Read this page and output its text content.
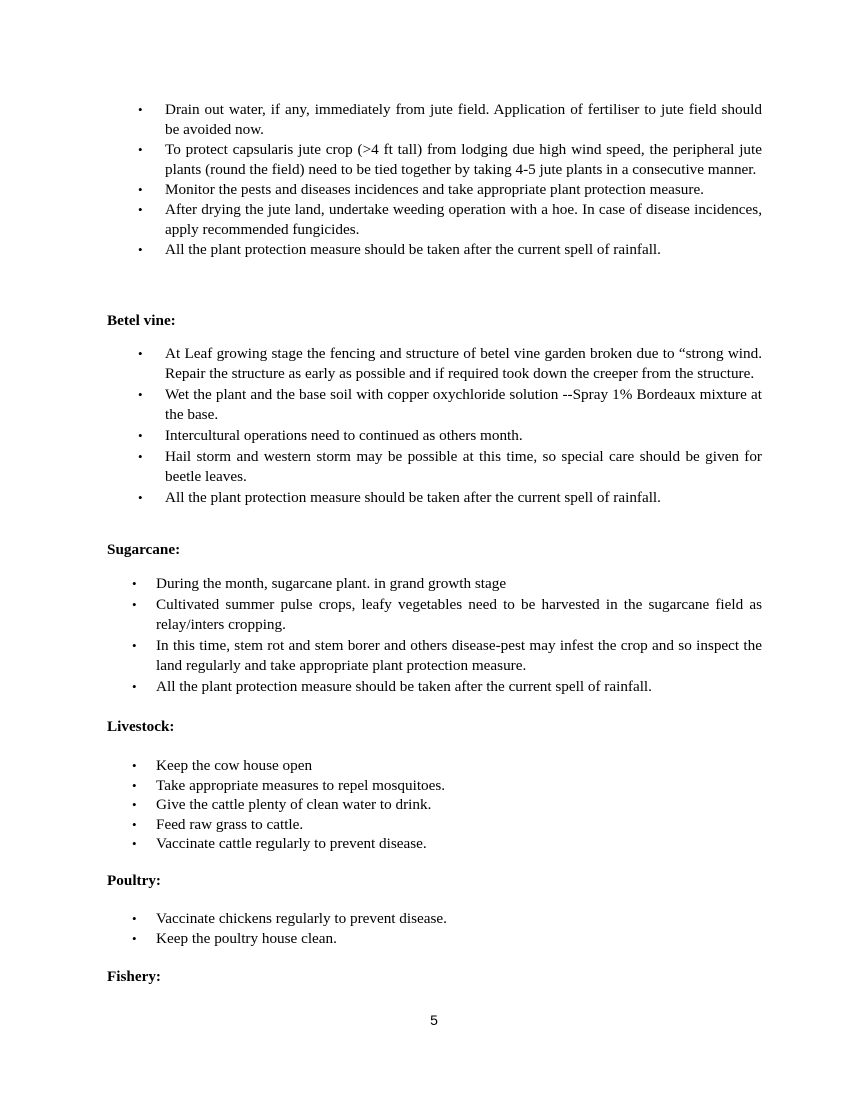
• Drain out water, if any, immediately from jute field. Application of fertiliser to jute field should be avoided now.
• To protect capsularis jute crop (>4 ft tall) from lodging due high wind speed, the peripheral jute plants (round the field) need to be tied together by taking 4-5 jute plants in a consecutive manner.
• Monitor the pests and diseases incidences and take appropriate plant protection measure.
• After drying the jute land, undertake weeding operation with a hoe. In case of disease incidences, apply recommended fungicides.
• All the plant protection measure should be taken after the current spell of rainfall.
Betel vine:
• At Leaf growing stage the fencing and structure of betel vine garden broken due to “strong wind. Repair the structure as early as possible and if required took down the creeper from the structure.
• Wet the plant and the base soil with copper oxychloride solution --Spray 1% Bordeaux mixture at the base.
• Intercultural operations need to continued as others month.
• Hail storm and western storm may be possible at this time, so special care should be given for beetle leaves.
• All the plant protection measure should be taken after the current spell of rainfall.
Sugarcane:
• During the month, sugarcane plant. in grand growth stage
• Cultivated summer pulse crops, leafy vegetables need to be harvested in the sugarcane field as relay/inters cropping.
• In this time, stem rot and stem borer and others disease-pest may infest the crop and so inspect the land regularly and take appropriate plant protection measure.
• All the plant protection measure should be taken after the current spell of rainfall.
Livestock:
• Keep the cow house open
• Take appropriate measures to repel mosquitoes.
• Give the cattle plenty of clean water to drink.
• Feed raw grass to cattle.
• Vaccinate cattle regularly to prevent disease.
Poultry:
• Vaccinate chickens regularly to prevent disease.
• Keep the poultry house clean.
Fishery:
5
